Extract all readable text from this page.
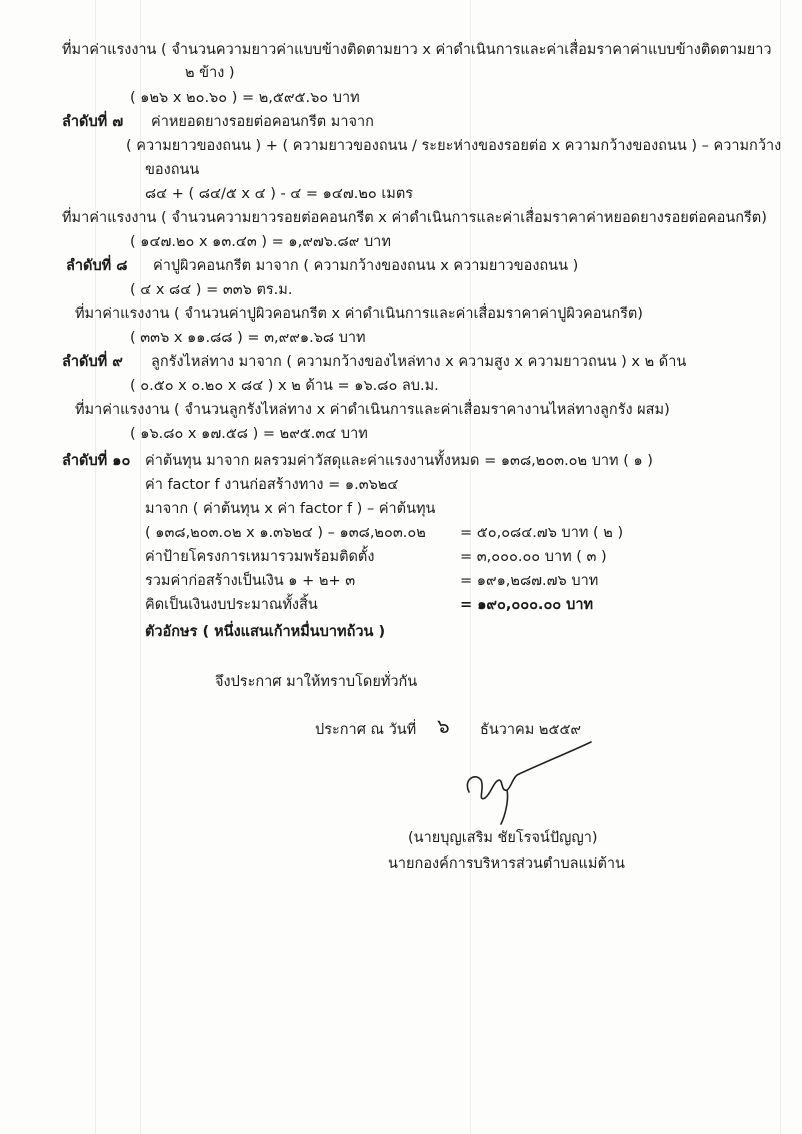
ที่มาค่าแรงงาน ( จำนวนความยาวค่าแบบข้างติดตามยาว x ค่าดำเนินการและค่าเสื่อมราคาค่าแบบข้างติดตามยาว
๒ ข้าง )
( ๑๒๖ x ๒๐.๖๐ ) = ๒,๕๙๕.๖๐ บาท
ลำดับที่ ๗ ค่าหยอดยางรอยต่อคอนกรีต มาจาก
( ความยาวของถนน ) + ( ความยาวของถนน / ระยะห่างของรอยต่อ x ความกว้างของถนน ) – ความกว้าง
ของถนน
๘๔ + ( ๘๔/๕ x ๔ ) - ๔ = ๑๔๗.๒๐ เมตร
ที่มาค่าแรงงาน ( จำนวนความยาวรอยต่อคอนกรีต x ค่าดำเนินการและค่าเสื่อมราคาค่าหยอดยางรอยต่อคอนกรีต)
( ๑๔๗.๒๐ x ๑๓.๔๓ ) = ๑,๙๗๖.๘๙ บาท
ลำดับที่ ๘ ค่าปูผิวคอนกรีต มาจาก ( ความกว้างของถนน x ความยาวของถนน )
( ๔ x ๘๔ ) = ๓๓๖ ตร.ม.
ที่มาค่าแรงงาน ( จำนวนค่าปูผิวคอนกรีต x ค่าดำเนินการและค่าเสื่อมราคาค่าปูผิวคอนกรีต)
( ๓๓๖ x ๑๑.๘๘ ) = ๓,๙๙๑.๖๘ บาท
ลำดับที่ ๙ ลูกรังไหล่ทาง มาจาก ( ความกว้างของไหล่ทาง x ความสูง x ความยาวถนน ) x ๒ ด้าน
( ๐.๕๐ x ๐.๒๐ x ๘๔ ) x ๒ ด้าน = ๑๖.๘๐ ลบ.ม.
ที่มาค่าแรงงาน ( จำนวนลูกรังไหล่ทาง x ค่าดำเนินการและค่าเสื่อมราคางานไหล่ทางลูกรัง ผสม)
( ๑๖.๘๐ x ๑๗.๕๘ ) = ๒๙๕.๓๔ บาท
ลำดับที่ ๑๐ ค่าต้นทุน มาจาก ผลรวมค่าวัสดุและค่าแรงงานทั้งหมด = ๑๓๘,๒๐๓.๐๒ บาท ( ๑ )
ค่า factor f งานก่อสร้างทาง = ๑.๓๖๒๔
มาจาก ( ค่าต้นทุน x ค่า factor f ) – ค่าต้นทุน
( ๑๓๘,๒๐๓.๐๒ x ๑.๓๖๒๔ ) – ๑๓๘,๒๐๓.๐๒ = ๕๐,๐๘๔.๗๖ บาท ( ๒ )
ค่าป้ายโครงการเหมารวมพร้อมติดตั้ง	= ๓,๐๐๐.๐๐ บาท ( ๓ )
รวมค่าก่อสร้างเป็นเงิน ๑ + ๒+ ๓	= ๑๙๑,๒๘๗.๗๖ บาท
คิดเป็นเงินงบประมาณทั้งสิ้น	= ๑๙๐,๐๐๐.๐๐ บาท
ตัวอักษร ( หนึ่งแสนเก้าหมื่นบาทถ้วน )
จึงประกาศ มาให้ทราบโดยทั่วกัน
ประกาศ ณ วันที่ ๖ ธันวาคม ๒๕๕๙
(นายบุญเสริม ชัยโรจน์ปัญญา)
นายกองค์การบริหารส่วนตำบลแม่ต้าน
